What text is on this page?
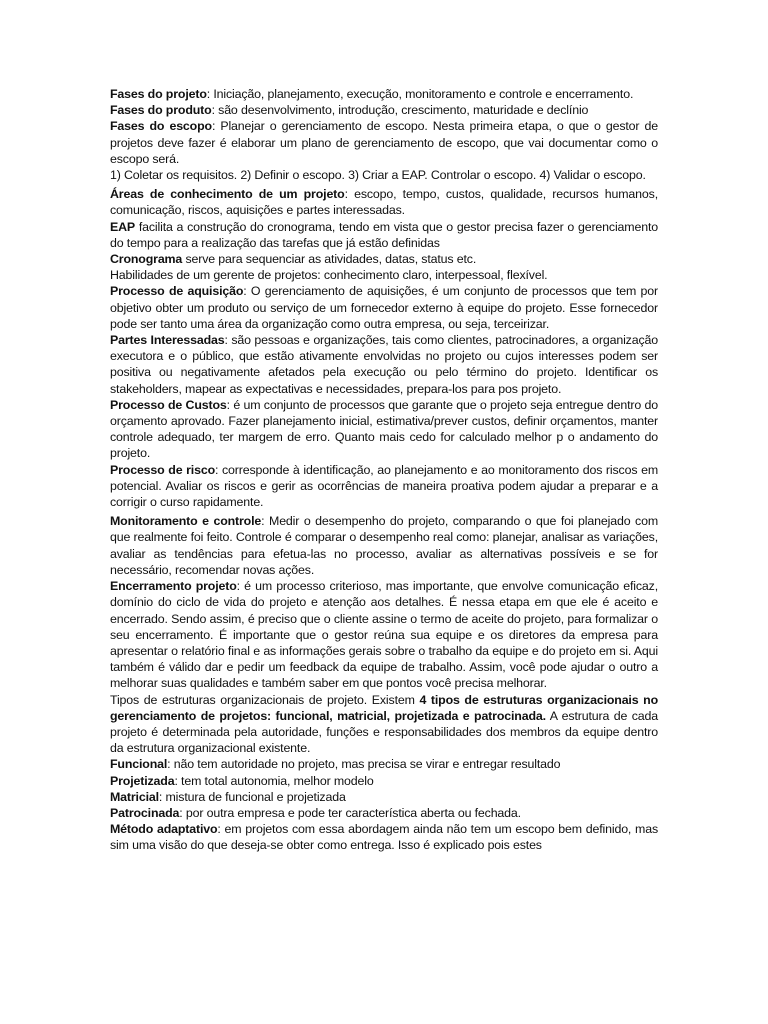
Fases do projeto: Iniciação, planejamento, execução, monitoramento e controle e encerramento.

Fases do produto: são desenvolvimento, introdução, crescimento, maturidade e declínio

Fases do escopo: Planejar o gerenciamento de escopo. Nesta primeira etapa, o que o gestor de projetos deve fazer é elaborar um plano de gerenciamento de escopo, que vai documentar como o escopo será.

1) Coletar os requisitos. 2) Definir o escopo. 3) Criar a EAP. Controlar o escopo. 4) Validar o escopo.

Áreas de conhecimento de um projeto: escopo, tempo, custos, qualidade, recursos humanos, comunicação, riscos, aquisições e partes interessadas.

EAP facilita a construção do cronograma, tendo em vista que o gestor precisa fazer o gerenciamento do tempo para a realização das tarefas que já estão definidas

Cronograma serve para sequenciar as atividades, datas, status etc.

Habilidades de um gerente de projetos: conhecimento claro, interpessoal, flexível.

Processo de aquisição: O gerenciamento de aquisições, é um conjunto de processos que tem por objetivo obter um produto ou serviço de um fornecedor externo à equipe do projeto. Esse fornecedor pode ser tanto uma área da organização como outra empresa, ou seja, terceirizar.

Partes Interessadas: são pessoas e organizações, tais como clientes, patrocinadores, a organização executora e o público, que estão ativamente envolvidas no projeto ou cujos interesses podem ser positiva ou negativamente afetados pela execução ou pelo término do projeto. Identificar os stakeholders, mapear as expectativas e necessidades, prepara-los para pos projeto.

Processo de Custos: é um conjunto de processos que garante que o projeto seja entregue dentro do orçamento aprovado. Fazer planejamento inicial, estimativa/prever custos, definir orçamentos, manter controle adequado, ter margem de erro. Quanto mais cedo for calculado melhor p o andamento do projeto.

Processo de risco: corresponde à identificação, ao planejamento e ao monitoramento dos riscos em potencial. Avaliar os riscos e gerir as ocorrências de maneira proativa podem ajudar a preparar e a corrigir o curso rapidamente.

Monitoramento e controle: Medir o desempenho do projeto, comparando o que foi planejado com que realmente foi feito. Controle é comparar o desempenho real como: planejar, analisar as variações, avaliar as tendências para efetua-las no processo, avaliar as alternativas possíveis e se for necessário, recomendar novas ações.

Encerramento projeto: é um processo criterioso, mas importante, que envolve comunicação eficaz, domínio do ciclo de vida do projeto e atenção aos detalhes. É nessa etapa em que ele é aceito e encerrado. Sendo assim, é preciso que o cliente assine o termo de aceite do projeto, para formalizar o seu encerramento. É importante que o gestor reúna sua equipe e os diretores da empresa para apresentar o relatório final e as informações gerais sobre o trabalho da equipe e do projeto em si. Aqui também é válido dar e pedir um feedback da equipe de trabalho. Assim, você pode ajudar o outro a melhorar suas qualidades e também saber em que pontos você precisa melhorar.

Tipos de estruturas organizacionais de projeto. Existem 4 tipos de estruturas organizacionais no gerenciamento de projetos: funcional, matricial, projetizada e patrocinada. A estrutura de cada projeto é determinada pela autoridade, funções e responsabilidades dos membros da equipe dentro da estrutura organizacional existente.

Funcional: não tem autoridade no projeto, mas precisa se virar e entregar resultado

Projetizada: tem total autonomia, melhor modelo

Matricial: mistura de funcional e projetizada

Patrocinada: por outra empresa e pode ter característica aberta ou fechada.

Método adaptativo: em projetos com essa abordagem ainda não tem um escopo bem definido, mas sim uma visão do que deseja-se obter como entrega. Isso é explicado pois estes
